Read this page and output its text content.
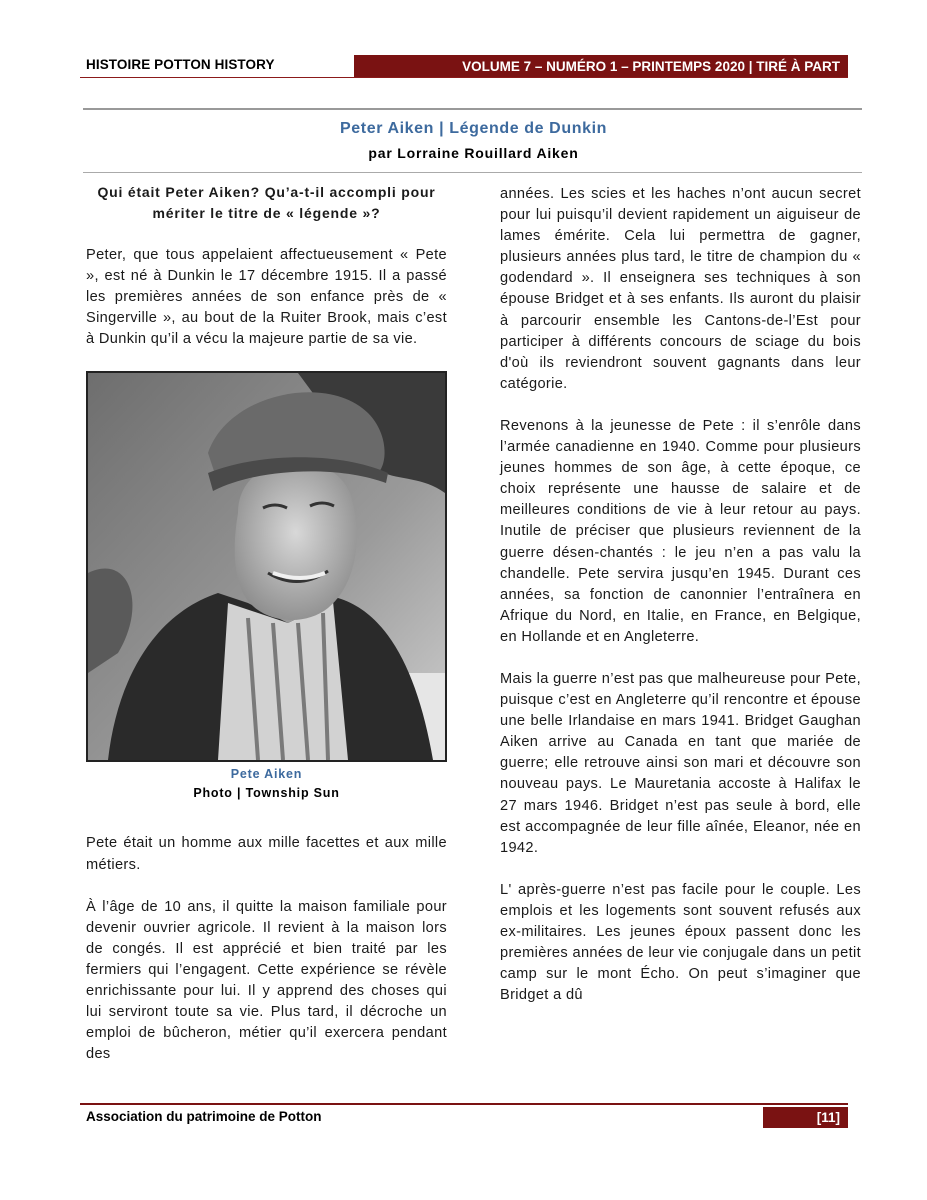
HISTOIRE POTTON HISTORY	VOLUME 7 – NUMÉRO 1 – PRINTEMPS 2020 | TIRÉ À PART
Peter Aiken | Légende de Dunkin
par Lorraine Rouillard Aiken
Qui était Peter Aiken? Qu’a-t-il accompli pour mériter le titre de « légende »?

Peter, que tous appelaient affectueusement « Pete », est né à Dunkin le 17 décembre 1915. Il a passé les premières années de son enfance près de « Singerville », au bout de la Ruiter Brook, mais c’est à Dunkin qu’il a vécu la majeure partie de sa vie.

Pete Aiken
Photo | Township Sun

Pete était un homme aux mille facettes et aux mille métiers.

À l’âge de 10 ans, il quitte la maison familiale pour devenir ouvrier agricole. Il revient à la maison lors de congés. Il est apprécié et bien traité par les fermiers qui l’engagent. Cette expérience se révèle enrichissante pour lui. Il y apprend des choses qui lui serviront toute sa vie. Plus tard, il décroche un emploi de bûcheron, métier qu’il exercera pendant des

années. Les scies et les haches n’ont aucun secret pour lui puisqu’il devient rapidement un aiguiseur de lames émérite. Cela lui permettra de gagner, plusieurs années plus tard, le titre de champion du « godendard ». Il enseignera ses techniques à son épouse Bridget et à ses enfants. Ils auront du plaisir à parcourir ensemble les Cantons-de-l’Est pour participer à différents concours de sciage du bois d'où ils reviendront souvent gagnants dans leur catégorie.

Revenons à la jeunesse de Pete : il s’enrôle dans l’armée canadienne en 1940. Comme pour plusieurs jeunes hommes de son âge, à cette époque, ce choix représente une hausse de salaire et de meilleures conditions de vie à leur retour au pays. Inutile de préciser que plusieurs reviennent de la guerre désen-chantés : le jeu n’en a pas valu la chandelle. Pete servira jusqu’en 1945. Durant ces années, sa fonction de canonnier l’entraînera en Afrique du Nord, en Italie, en France, en Belgique, en Hollande et en Angleterre.

Mais la guerre n’est pas que malheureuse pour Pete, puisque c’est en Angleterre qu’il rencontre et épouse une belle Irlandaise en mars 1941. Bridget Gaughan Aiken arrive au Canada en tant que mariée de guerre; elle retrouve ainsi son mari et découvre son nouveau pays. Le Mauretania accoste à Halifax le 27 mars 1946. Bridget n’est pas seule à bord, elle est accompagnée de leur fille aînée, Eleanor, née en 1942.

L' après-guerre n’est pas facile pour le couple. Les emplois et les logements sont souvent refusés aux ex-militaires. Les jeunes époux passent donc les premières années de leur vie conjugale dans un petit camp sur le mont Écho. On peut s’imaginer que Bridget a dû

Association du patrimoine de Potton	[11]
